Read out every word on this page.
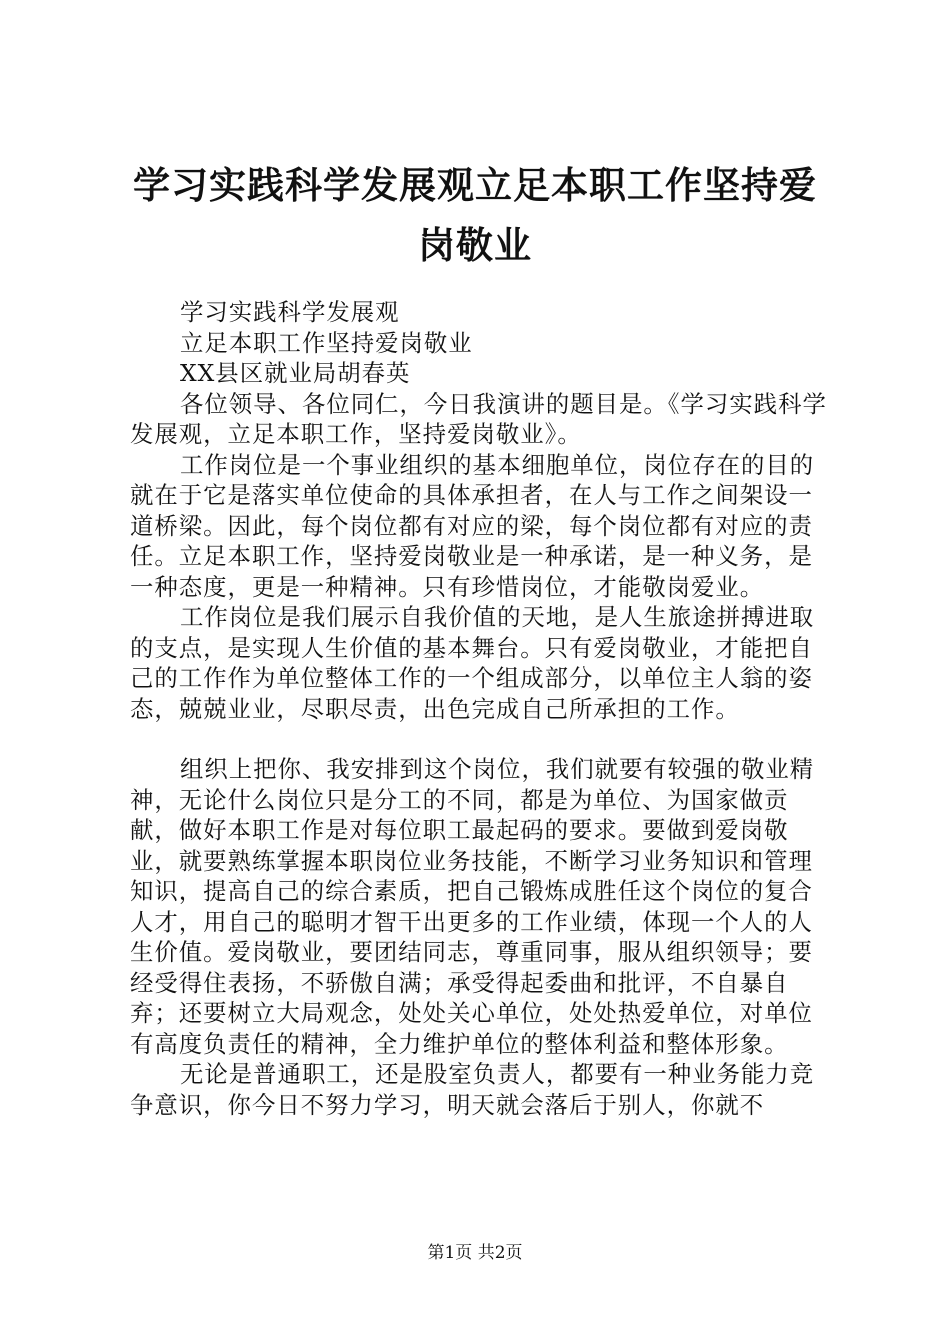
学习实践科学发展观立足本职工作坚持爱岗敬业
学习实践科学发展观
立足本职工作坚持爱岗敬业
XX县区就业局胡春英

各位领导、各位同仁，今日我演讲的题目是。《学习实践科学发展观，立足本职工作，坚持爱岗敬业》。

工作岗位是一个事业组织的基本细胞单位，岗位存在的目的就在于它是落实单位使命的具体承担者，在人与工作之间架设一道桥梁。因此，每个岗位都有对应的梁，每个岗位都有对应的责任。立足本职工作，坚持爱岗敬业是一种承诺，是一种义务，是一种态度，更是一种精神。只有珍惜岗位，才能敬岗爱业。

工作岗位是我们展示自我价值的天地，是人生旅途拼搏进取的支点，是实现人生价值的基本舞台。只有爱岗敬业，才能把自己的工作作为单位整体工作的一个组成部分，以单位主人翁的姿态，兢兢业业，尽职尽责，出色完成自己所承担的工作。

组织上把你、我安排到这个岗位，我们就要有较强的敬业精神，无论什么岗位只是分工的不同，都是为单位、为国家做贡献，做好本职工作是对每位职工最起码的要求。要做到爱岗敬业，就要熟练掌握本职岗位业务技能，不断学习业务知识和管理知识，提高自己的综合素质，把自己锻炼成胜任这个岗位的复合人才，用自己的聪明才智干出更多的工作业绩，体现一个人的人生价值。爱岗敬业，要团结同志，尊重同事，服从组织领导；要经受得住表扬，不骄傲自满；承受得起委曲和批评，不自暴自弃；还要树立大局观念，处处关心单位，处处热爱单位，对单位有高度负责任的精神，全力维护单位的整体利益和整体形象。

无论是普通职工，还是股室负责人，都要有一种业务能力竞争意识，你今日不努力学习，明天就会落后于别人，你就不

第1页 共2页
